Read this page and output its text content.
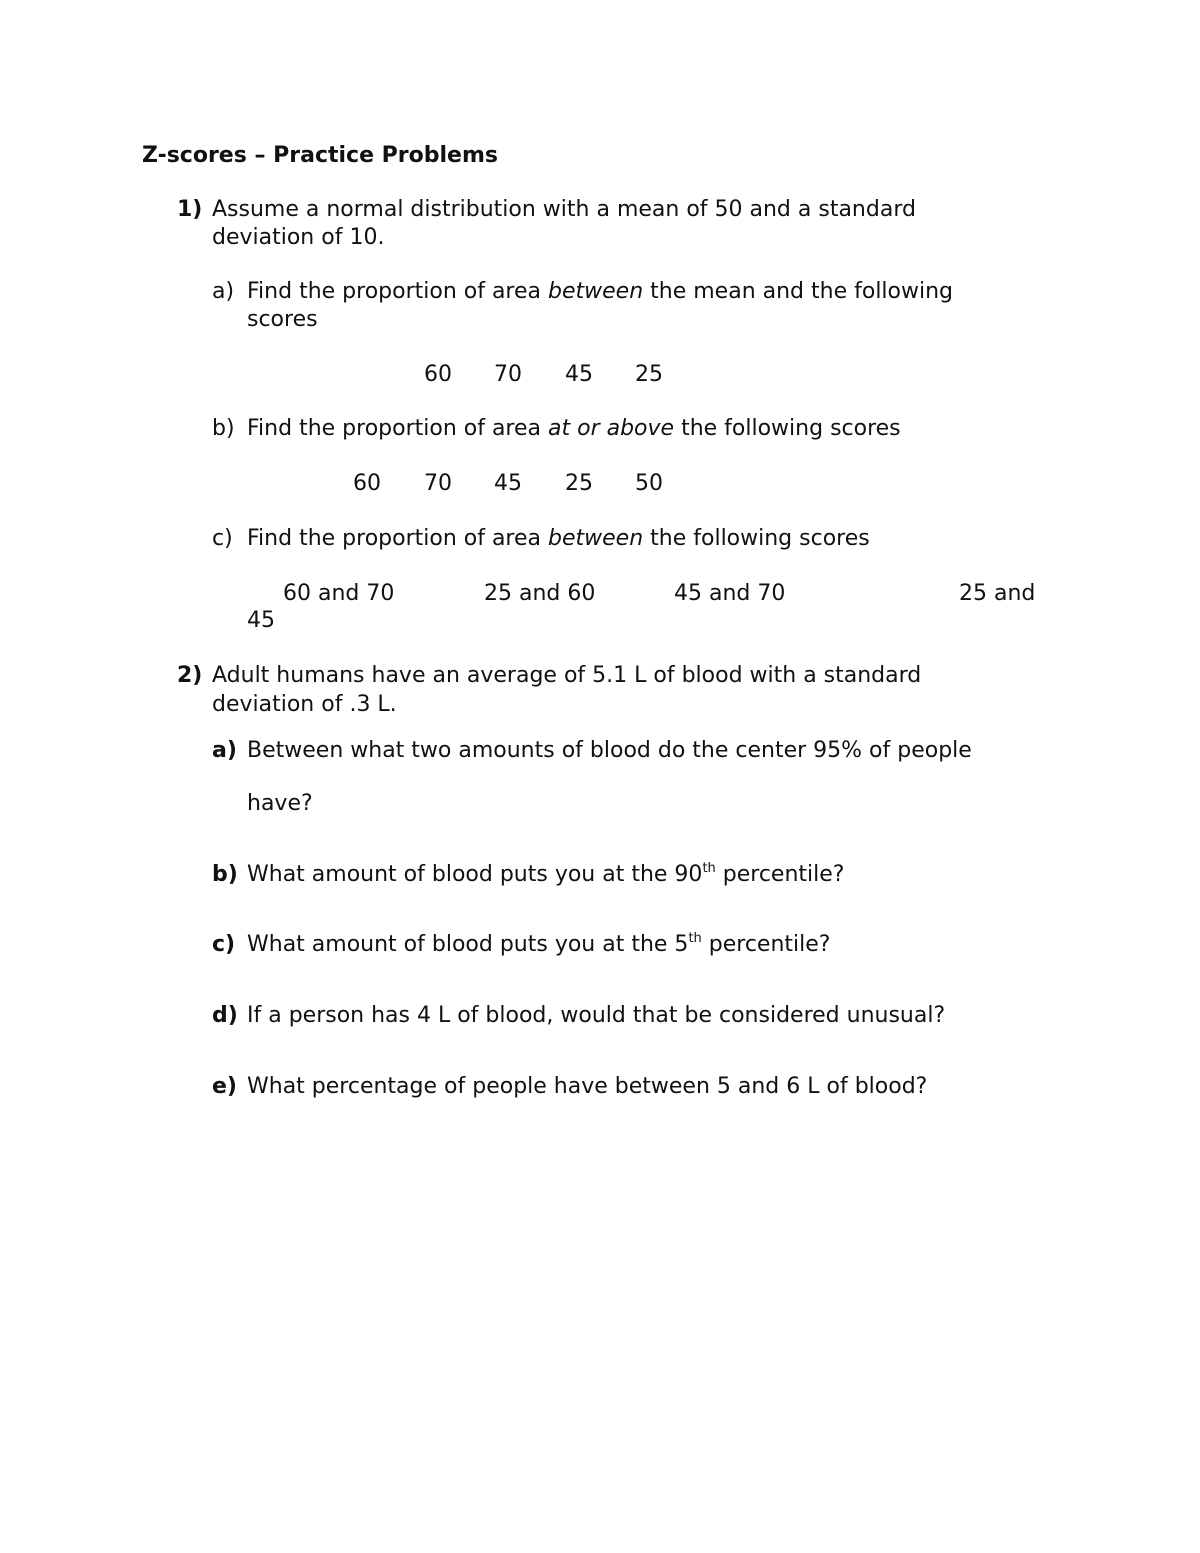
Z-scores – Practice Problems
1) Assume a normal distribution with a mean of 50 and a standard
deviation of 10.
a) Find the proportion of area between the mean and the following
scores
60 70 45 25
b) Find the proportion of area at or above the following scores
60 70 45 25 50
c) Find the proportion of area between the following scores
60 and 70	25 and 60	45 and 70	25 and
45
2) Adult humans have an average of 5.1 L of blood with a standard
deviation of .3 L.
a) Between what two amounts of blood do the center 95% of people
have?
b) What amount of blood puts you at the 90th percentile?
c) What amount of blood puts you at the 5th percentile?
d) If a person has 4 L of blood, would that be considered unusual?
e) What percentage of people have between 5 and 6 L of blood?
